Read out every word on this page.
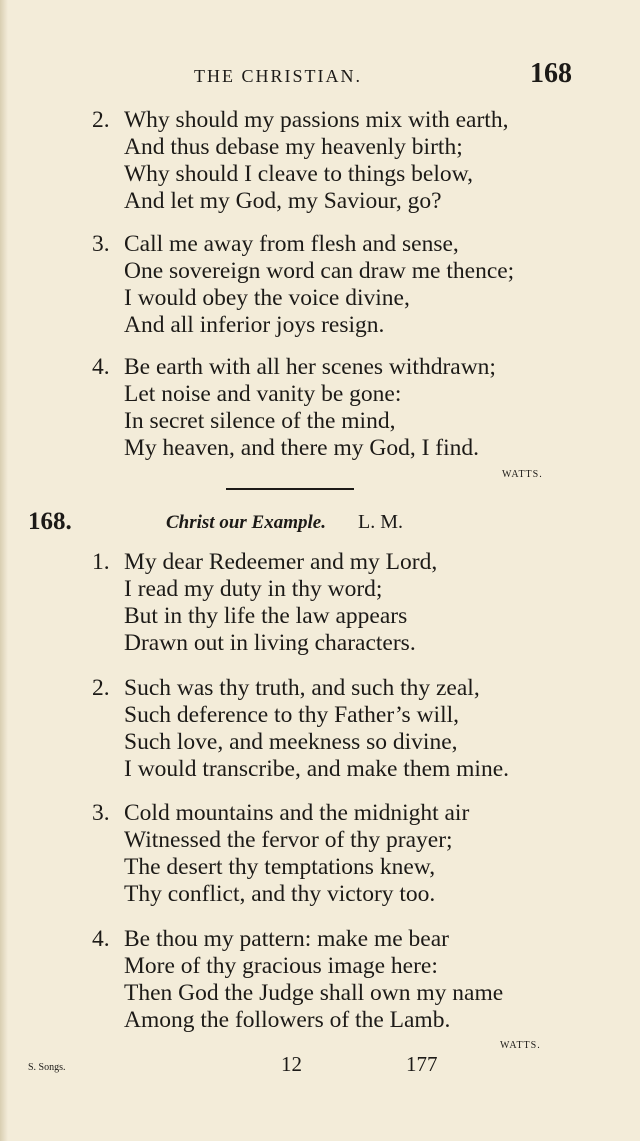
THE CHRISTIAN.	168
2. Why should my passions mix with earth,
And thus debase my heavenly birth;
Why should I cleave to things below,
And let my God, my Saviour, go?
3. Call me away from flesh and sense,
One sovereign word can draw me thence;
I would obey the voice divine,
And all inferior joys resign.
4. Be earth with all her scenes withdrawn;
Let noise and vanity be gone:
In secret silence of the mind,
My heaven, and there my God, I find.
WATTS.
168.	Christ our Example. L. M.
1. My dear Redeemer and my Lord,
I read my duty in thy word;
But in thy life the law appears
Drawn out in living characters.
2. Such was thy truth, and such thy zeal,
Such deference to thy Father’s will,
Such love, and meekness so divine,
I would transcribe, and make them mine.
3. Cold mountains and the midnight air
Witnessed the fervor of thy prayer;
The desert thy temptations knew,
Thy conflict, and thy victory too.
4. Be thou my pattern: make me bear
More of thy gracious image here:
Then God the Judge shall own my name
Among the followers of the Lamb.
WATTS.
S. Songs.	12	177
